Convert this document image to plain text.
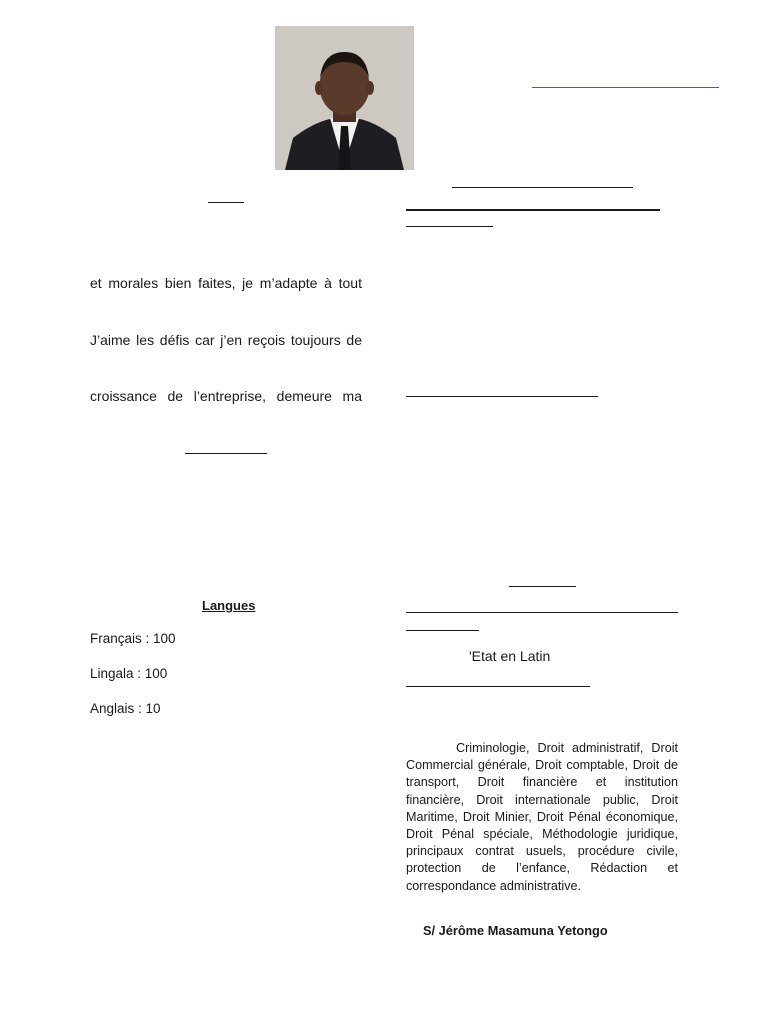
et morales bien faites, je m’adapte à tout
J’aime les défis car j’en reçois toujours de
croissance de l’entreprise, demeure ma
Langues
Français : 100
Lingala : 100
Anglais : 10
'Etat en Latin
Criminologie, Droit administratif, Droit Commercial générale, Droit comptable, Droit de transport, Droit financière et institution financière, Droit internationale public, Droit Maritime, Droit Minier, Droit Pénal économique, Droit Pénal spéciale, Méthodologie juridique, principaux contrat usuels, procédure civile, protection de l’enfance, Rédaction et correspondance administrative.
S/ Jérôme Masamuna Yetongo
